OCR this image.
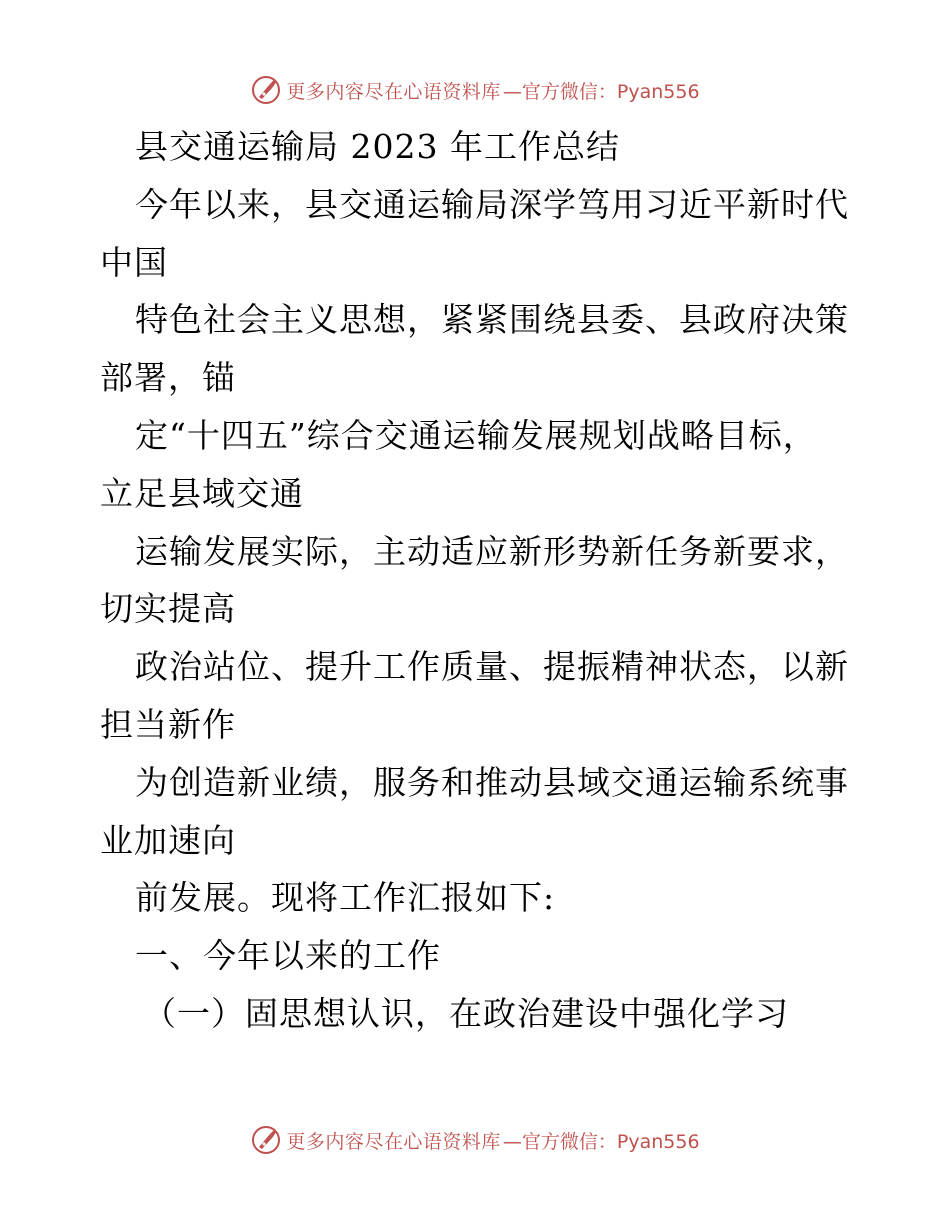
更多内容尽在心语资料库 —官方微信：Pyan556
县交通运输局 2023 年工作总结
今年以来，县交通运输局深学笃用习近平新时代
中国
特色社会主义思想，紧紧围绕县委、县政府决策
部署，锚
定“十四五”综合交通运输发展规划战略目标，
立足县域交通
运输发展实际，主动适应新形势新任务新要求，
切实提高
政治站位、提升工作质量、提振精神状态，以新
担当新作
为创造新业绩，服务和推动县域交通运输系统事
业加速向
前发展。现将工作汇报如下:
一、今年以来的工作
（一）固思想认识，在政治建设中强化学习
更多内容尽在心语资料库 —官方微信：Pyan556
